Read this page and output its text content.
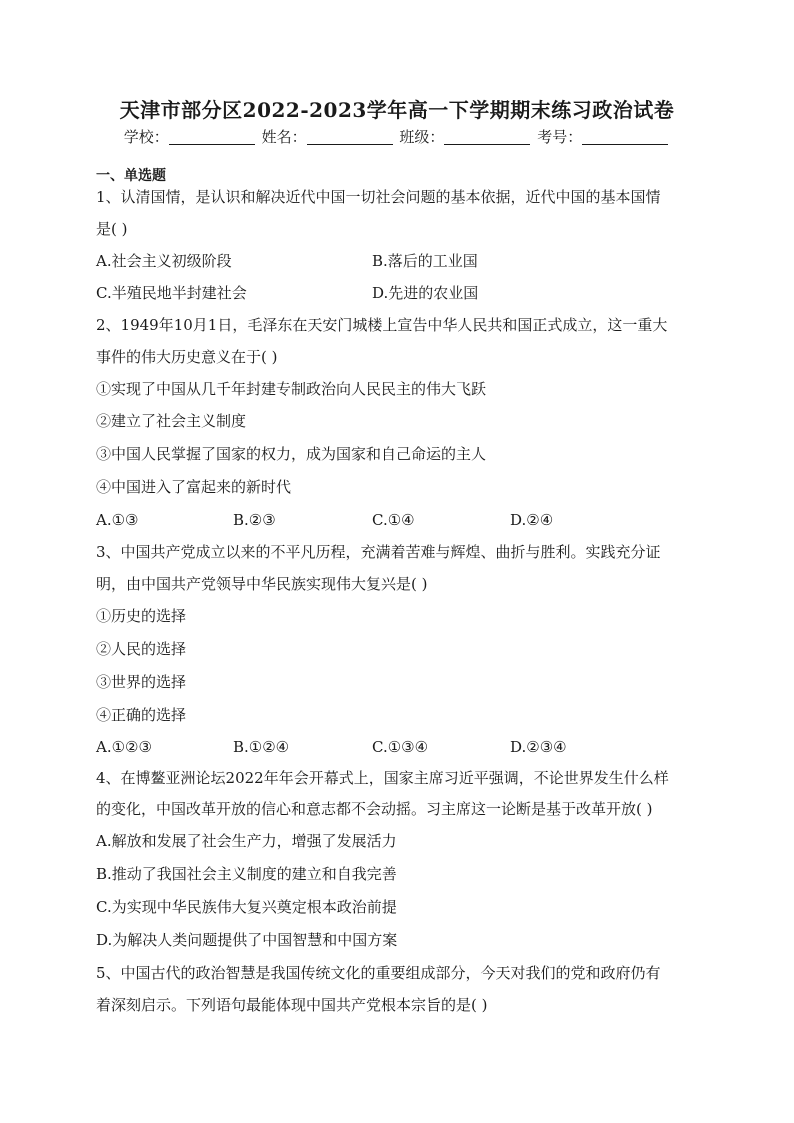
天津市部分区2022-2023学年高一下学期期末练习政治试卷
学校：	姓名：	班级：	考号：
一、单选题
1、认清国情，是认识和解决近代中国一切社会问题的基本依据，近代中国的基本国情
是( )
A.社会主义初级阶段	B.落后的工业国
C.半殖民地半封建社会	D.先进的农业国
2、1949年10月1日，毛泽东在天安门城楼上宣告中华人民共和国正式成立，这一重大
事件的伟大历史意义在于( )
①实现了中国从几千年封建专制政治向人民民主的伟大飞跃
②建立了社会主义制度
③中国人民掌握了国家的权力，成为国家和自己命运的主人
④中国进入了富起来的新时代
A.①③	B.②③	C.①④	D.②④
3、中国共产党成立以来的不平凡历程，充满着苦难与辉煌、曲折与胜利。实践充分证
明，由中国共产党领导中华民族实现伟大复兴是( )
①历史的选择
②人民的选择
③世界的选择
④正确的选择
A.①②③	B.①②④	C.①③④	D.②③④
4、在博鳌亚洲论坛2022年年会开幕式上，国家主席习近平强调，不论世界发生什么样
的变化，中国改革开放的信心和意志都不会动摇。习主席这一论断是基于改革开放( )
A.解放和发展了社会生产力，增强了发展活力
B.推动了我国社会主义制度的建立和自我完善
C.为实现中华民族伟大复兴奠定根本政治前提
D.为解决人类问题提供了中国智慧和中国方案
5、中国古代的政治智慧是我国传统文化的重要组成部分，今天对我们的党和政府仍有
着深刻启示。下列语句最能体现中国共产党根本宗旨的是( )
